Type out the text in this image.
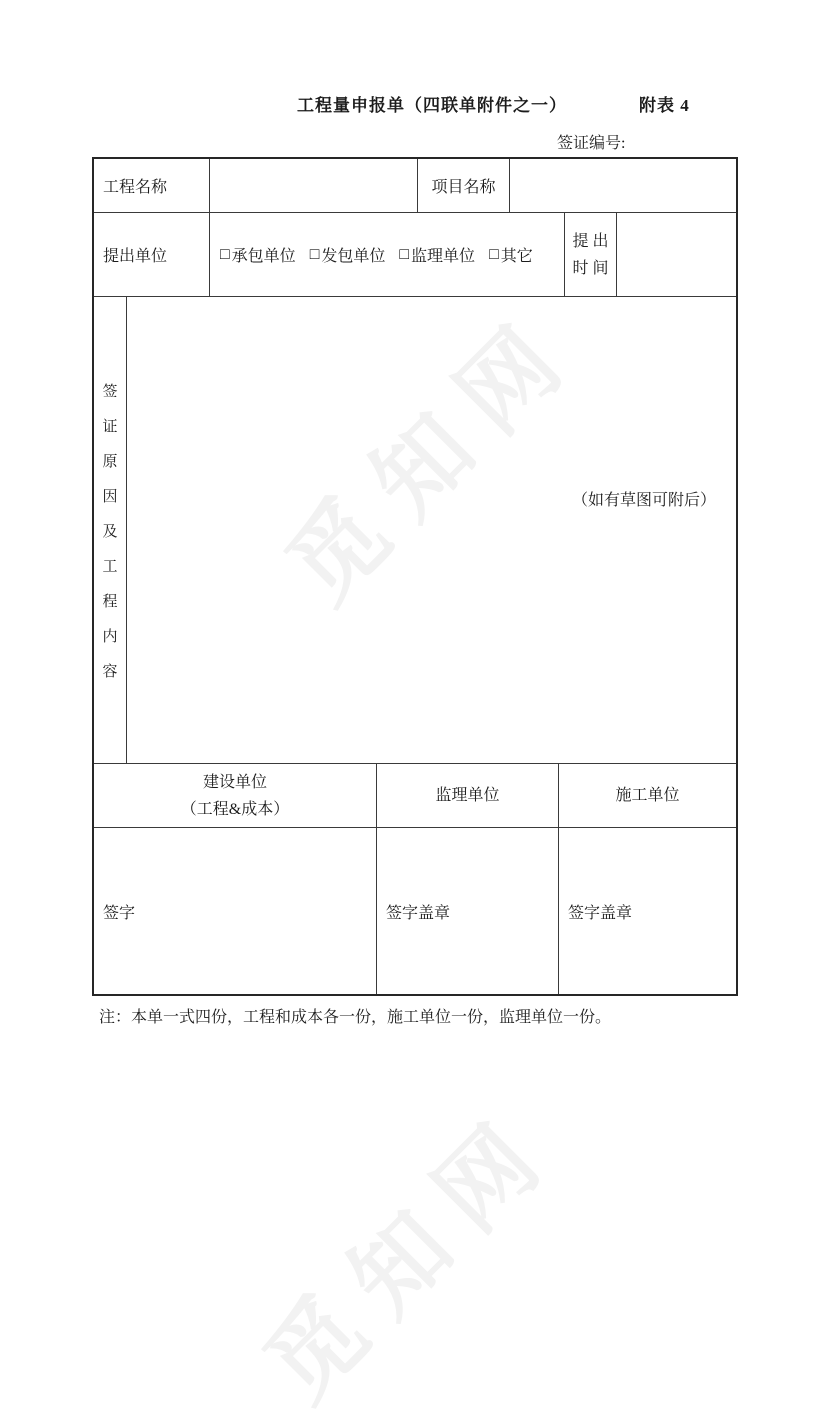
觅知网
觅知网
工程量申报单（四联单附件之一）	附表 4
签证编号:
工程名称	项目名称
提出单位	□ 承包单位 □ 发包单位 □ 监理单位 □ 其它
提 出
时 间
签
证
原
因
及
工
程
内
容
（如有草图可附后）
建设单位
（工程&成本）
监理单位	施工单位
签字	签字盖章	签字盖章
注：本单一式四份，工程和成本各一份，施工单位一份，监理单位一份。
